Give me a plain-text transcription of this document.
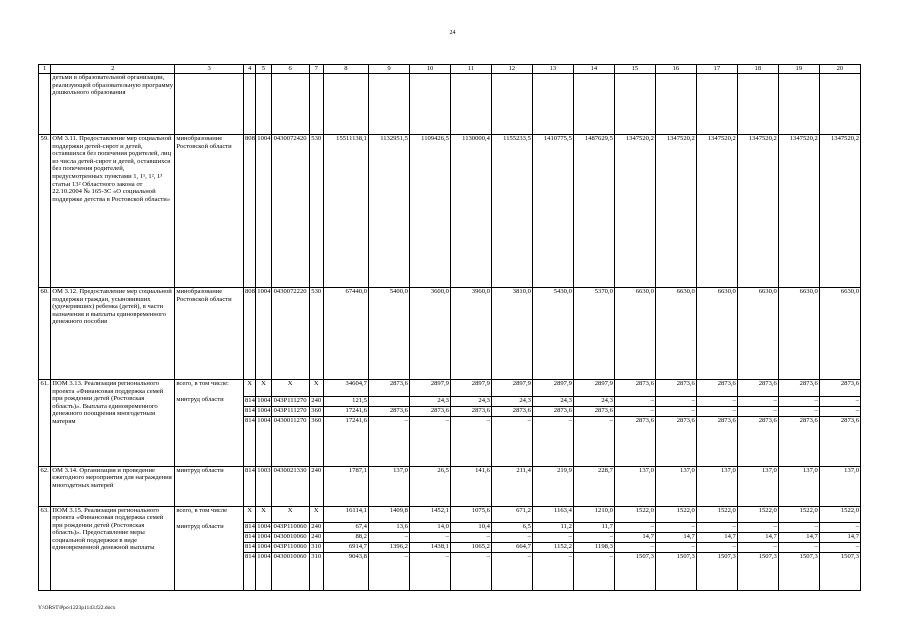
24
1	2	3	4	5	6	7	8	9	10	11	12	13	14	15	16	17	18	19	20
	детьми в образовательной организации, реализующей образовательную программу дошкольного образования																		
59.	ОМ 3.11. Предоставление мер социальной поддержки детей-сирот и детей, оставшихся без попечения родителей, лиц из числа детей-сирот и детей, оставшихся без попечения родителей, предусмотренных пунктами 1, 1¹, 1², 1³ статьи 13² Областного закона от 22.10.2004 № 165-ЗС «О социальной поддержке детства в Ростовской области»	минобразование Ростовской области	808	1004	0430072420	530	15511138,1	1132951,5	1109426,5	1130000,4	1155233,5	1410775,5	1487629,5	1347520,2	1347520,2	1347520,2	1347520,2	1347520,2	1347520,2
60.	ОМ 3.12. Предоставление мер социальной поддержки граждан, усыновивших (удочеривших) ребенка (детей), в части назначения и выплаты единовременного денежного пособия	минобразование Ростовской области	808	1004	0430072220	530	67440,0	5400,0	3600,0	3960,0	3810,0	5430,0	5370,0	6630,0	6630,0	6630,0	6630,0	6630,0	6630,0
61.	ПОМ 3.13. Реализация регионального проекта «Финансовая поддержка семей при рождении детей (Ростовская область)». Выплата единовременного денежного поощрения многодетным матерям	всего, в том числе:	Х	Х	Х	Х	34604,7	2873,6	2897,9	2897,9	2897,9	2897,9	2897,9	2873,6	2873,6	2873,6	2873,6	2873,6	2873,6
		минтруд области	814	1004	043P111270	240	121,5		24,3	24,3	24,3	24,3	24,3	–	–	–	–	–	–
			814	1004	043P111270	360	17241,6	2873,6	2873,6	2873,6	2873,6	2873,6	2873,6	–	–	–	–	–	–
			814	1004	0430011270	360	17241,6	–	–	–	–	–	–	2873,6	2873,6	2873,6	2873,6	2873,6	2873,6
62.	ОМ 3.14. Организация и проведение ежегодного мероприятия для награждения многодетных матерей	минтруд области	814	1003	0430021330	240	1787,1	137,0	26,5	141,6	211,4	219,9	228,7	137,0	137,0	137,0	137,0	137,0	137,0
63.	ПОМ 3.15. Реализация регионального проекта «Финансовая поддержка семей при рождении детей (Ростовская область)». Предоставление меры социальной поддержки в виде единовременной денежной выплаты	всего, в том числе	Х	Х	Х	Х	16114,1	1409,8	1452,1	1075,6	671,2	1163,4	1210,0	1522,0	1522,0	1522,0	1522,0	1522,0	1522,0
		минтруд области	814	1004	043P110060	240	67,4	13,6	14,0	10,4	6,5	11,2	11,7	–	–	–	–	–	–
			814	1004	0430010060	240	88,2	–	–	–	–	–	–	14,7	14,7	14,7	14,7	14,7	14,7
			814	1004	043P110060	310	6914,7	1396,2	1438,1	1065,2	664,7	1152,2	1198,3	–	–	–	–	–	–
			814	1004	0430010060	310	9043,8	–	–	–	–	–	–	1507,3	1507,3	1507,3	1507,3	1507,3	1507,3
Y:\ORST\Ppo\1223p1143.f22.docx
